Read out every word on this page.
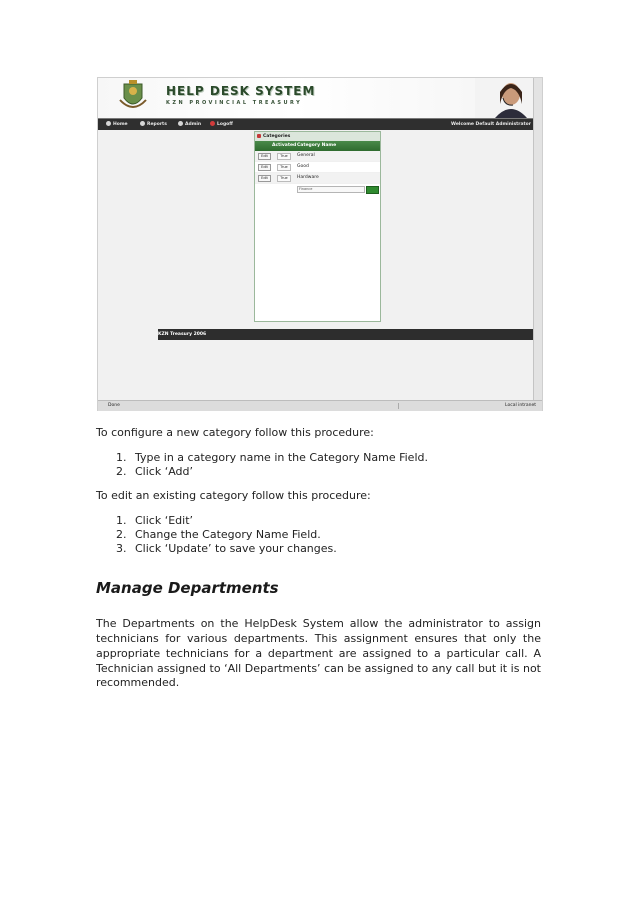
HELP DESK SYSTEM
KZN PROVINCIAL TREASURY
Home	Reports	Admin	Logoff	Welcome Default Administrator
Categories
Activated Category Name
Edit	True	General
Edit	True	Good
Edit	True	Hardware
Finance
KZN Treasury 2006
Done	Local intranet
To configure a new category follow this procedure:
1. Type in a category name in the Category Name Field.
2. Click ‘Add’
To edit an existing category follow this procedure:
1. Click ‘Edit’
2. Change the Category Name Field.
3. Click ‘Update’ to save your changes.
Manage Departments
The Departments on the HelpDesk System allow the administrator to assign
technicians for various departments. This assignment ensures that only the
appropriate technicians for a department are assigned to a particular call. A
Technician assigned to ‘All Departments’ can be assigned to any call but it is not
recommended.
